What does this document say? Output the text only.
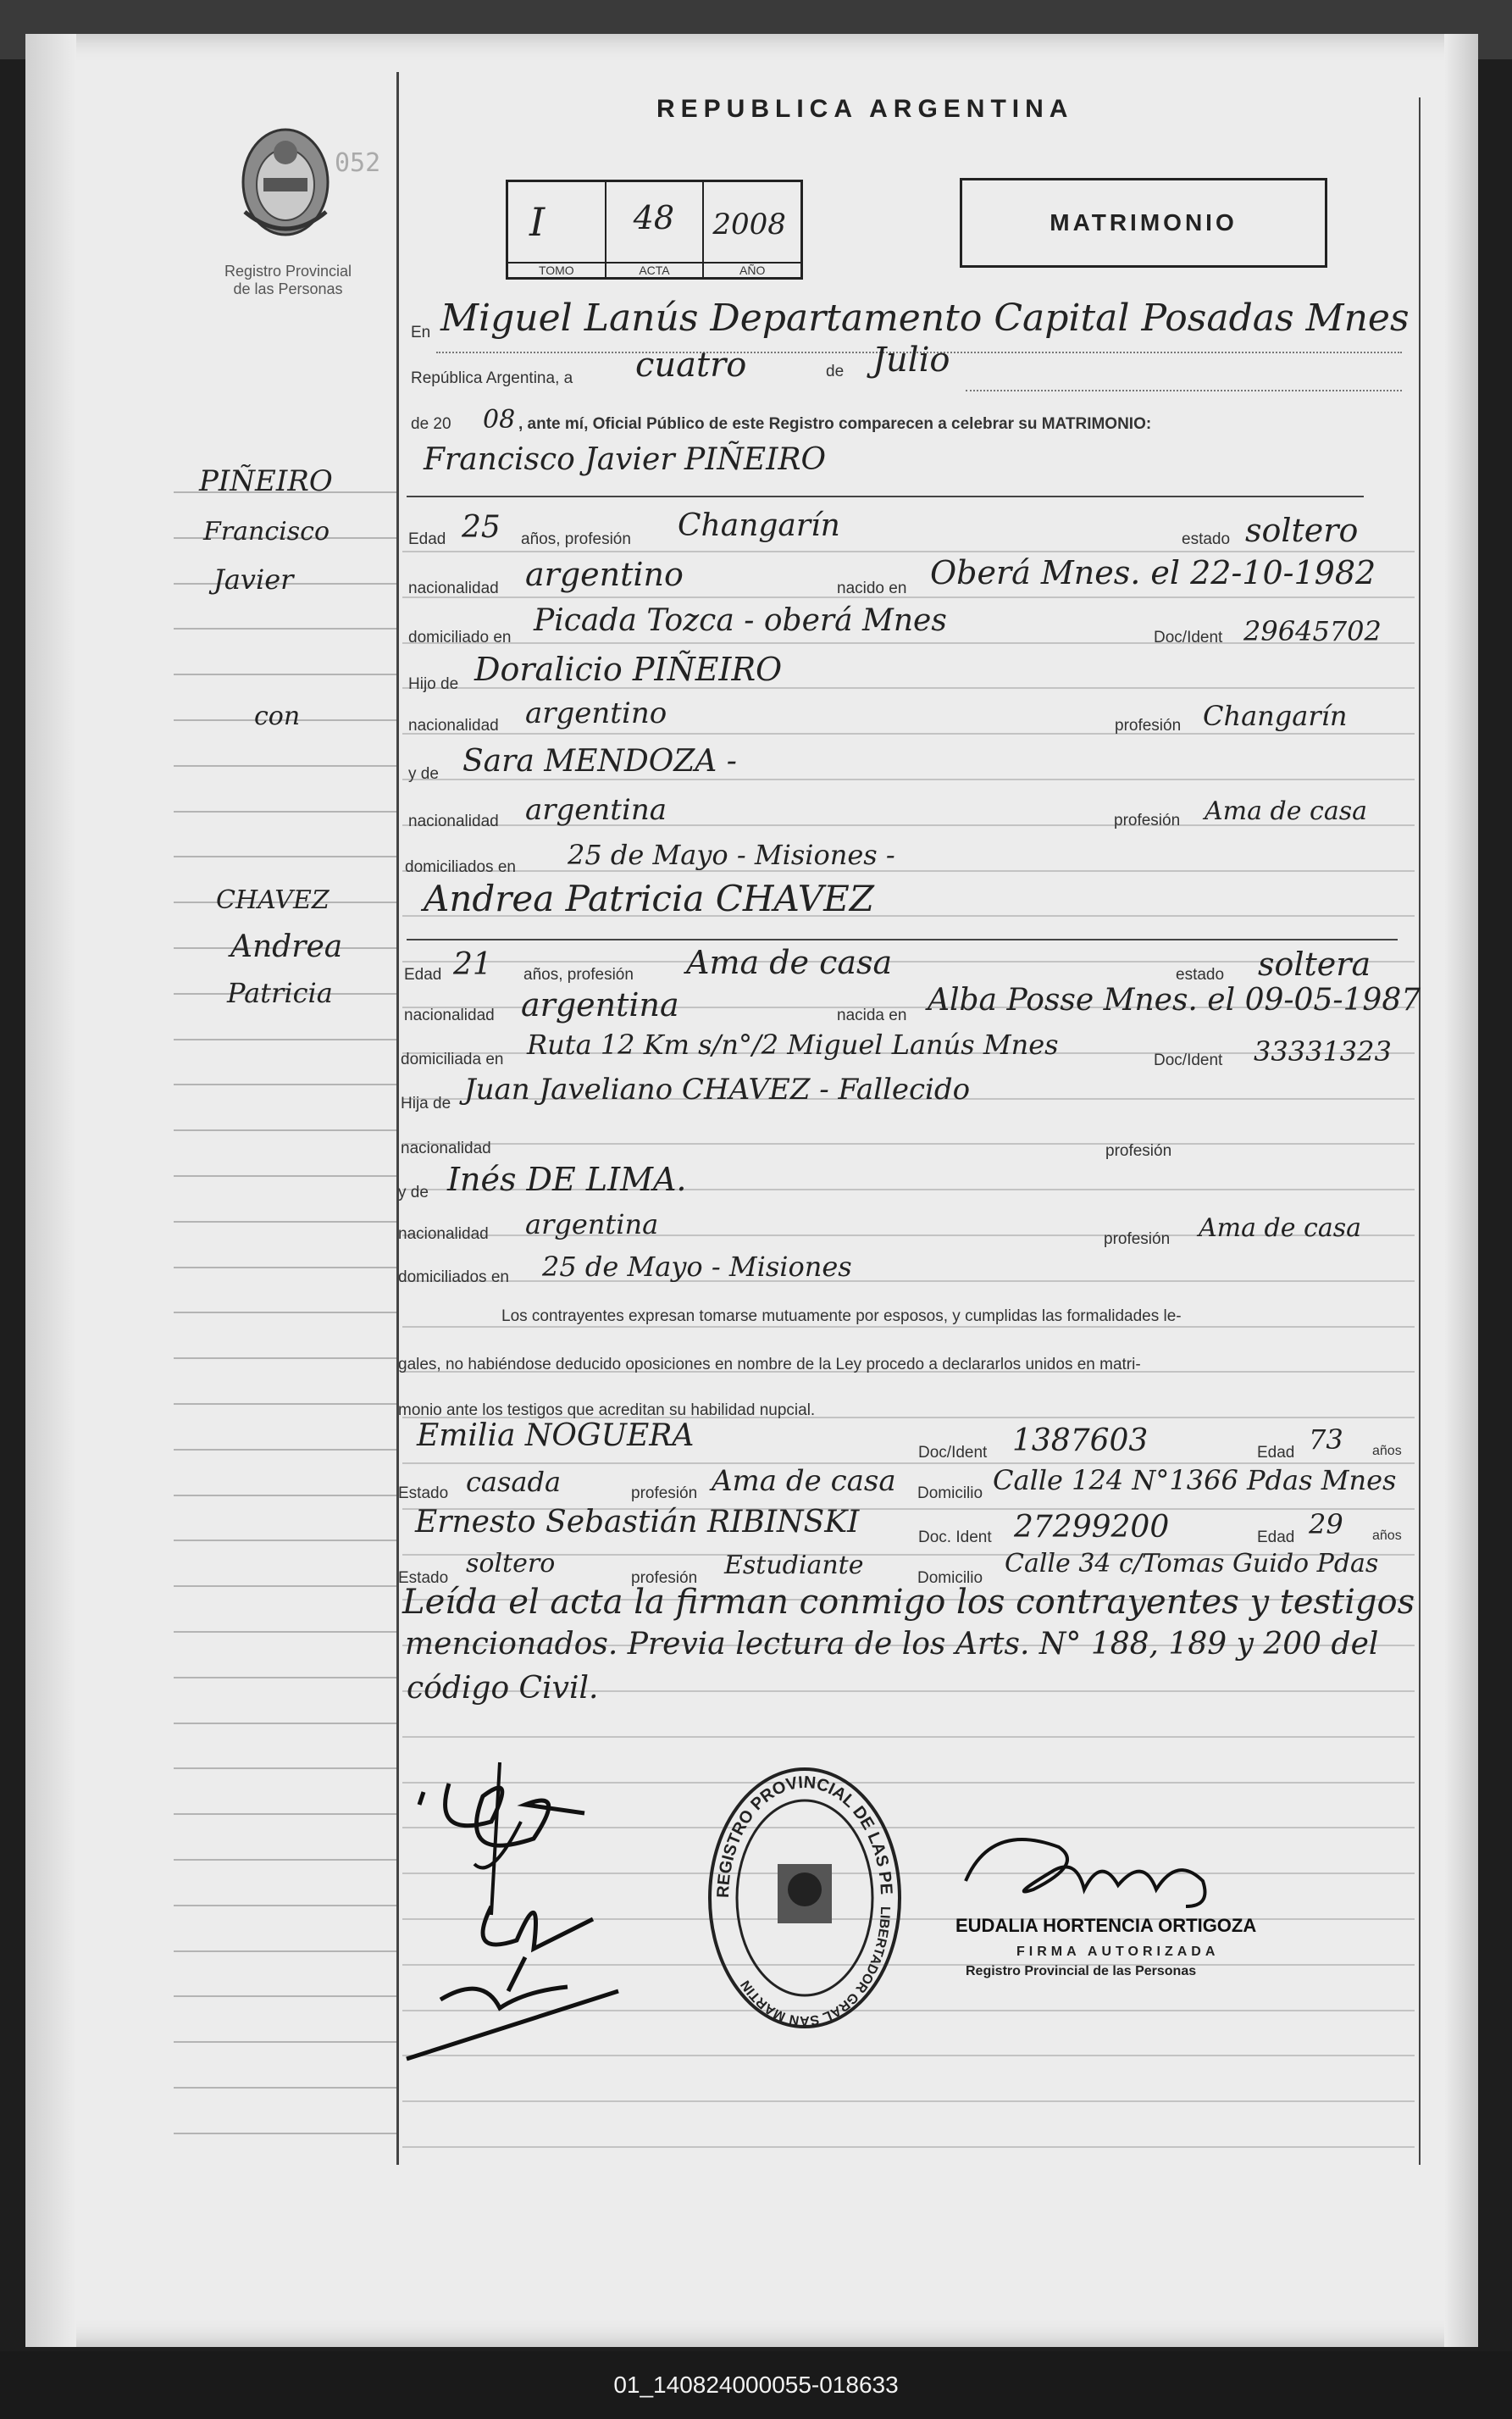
052
Registro Provincial
de las Personas
REPUBLICA ARGENTINA
I
TOMO
48
ACTA
2008
AÑO
MATRIMONIO
PIÑEIRO
Francisco
Javier
con
CHAVEZ
Andrea
Patricia
En Miguel Lanús Departamento Capital Posadas Mnes
República Argentina, a cuatro	de Julio
de 20 08 , ante mí, Oficial Público de este Registro comparecen a celebrar su MATRIMONIO:
Francisco Javier PIÑEIRO
Edad 25 años, profesión Changarín	estado soltero
nacionalidad argentino	nacido en Oberá Mnes. el 22-10-1982
domiciliado en Picada Tozca - oberá Mnes	Doc/Ident 29645702
Hijo de Doralicio PIÑEIRO
nacionalidad argentino	profesión Changarín
y de Sara MENDOZA -
nacionalidad argentina	profesión Ama de casa
domiciliados en 25 de Mayo - Misiones -
Andrea Patricia CHAVEZ
Edad 21 años, profesión Ama de casa	estado soltera
nacionalidad argentina	nacida en Alba Posse Mnes. el 09-05-1987
domiciliada en Ruta 12 Km s/n°/2 Miguel Lanús Mnes	Doc/Ident 33331323
Hija de Juan Javeliano CHAVEZ - Fallecido
nacionalidad	profesión
y de Inés DE LIMA.
nacionalidad argentina	profesión Ama de casa
domiciliados en 25 de Mayo - Misiones
Los contrayentes expresan tomarse mutuamente por esposos, y cumplidas las formalidades le-
gales, no habiéndose deducido oposiciones en nombre de la Ley procedo a declararlos unidos en matri-
monio ante los testigos que acreditan su habilidad nupcial.
Emilia NOGUERA	Doc/Ident 1387603	Edad 73 años
Estado casada	profesión Ama de casa Domicilio Calle 124 N°1366 Pdas Mnes
Ernesto Sebastián RIBINSKI	Doc. Ident 27299200	Edad 29 años
Estado soltero	profesión Estudiante	Domicilio Calle 34 c/Tomas Guido Pdas
Leída el acta la firman conmigo los contrayentes y testigos
mencionados. Previa lectura de los Arts. N° 188, 189 y 200 del
código Civil.
REGISTRO PROVINCIAL DE LAS PE
LIBERTADOR GRAL SAN MARTIN
EUDALIA HORTENCIA ORTIGOZA
FIRMA AUTORIZADA
Registro Provincial de las Personas
01_140824000055-018633
